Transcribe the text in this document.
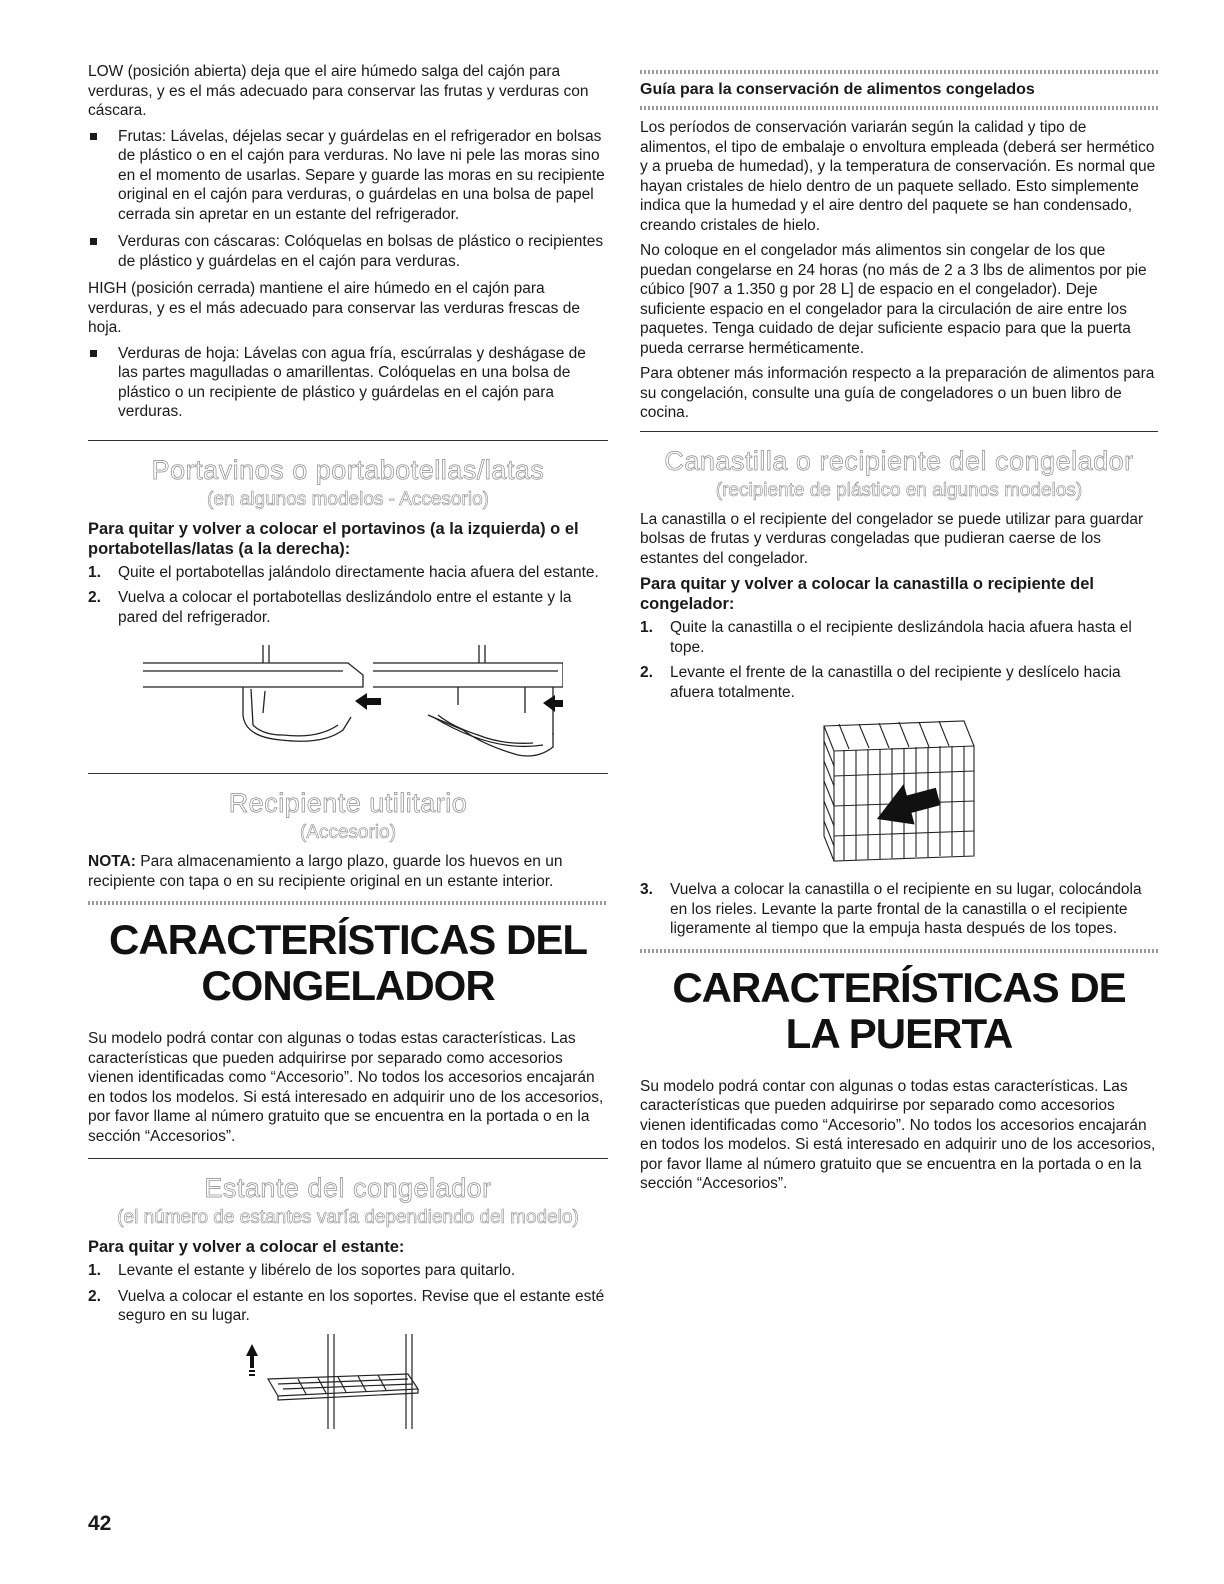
LOW (posición abierta) deja que el aire húmedo salga del cajón para verduras, y es el más adecuado para conservar las frutas y verduras con cáscara.

Frutas: Lávelas, déjelas secar y guárdelas en el refrigerador en bolsas de plástico o en el cajón para verduras. No lave ni pele las moras sino en el momento de usarlas. Separe y guarde las moras en su recipiente original en el cajón para verduras, o guárdelas en una bolsa de papel cerrada sin apretar en un estante del refrigerador.
Verduras con cáscaras: Colóquelas en bolsas de plástico o recipientes de plástico y guárdelas en el cajón para verduras.

HIGH (posición cerrada) mantiene el aire húmedo en el cajón para verduras, y es el más adecuado para conservar las verduras frescas de hoja.

Verduras de hoja: Lávelas con agua fría, escúrralas y deshágase de las partes magulladas o amarillentas. Colóquelas en una bolsa de plástico o un recipiente de plástico y guárdelas en el cajón para verduras.
Portavinos o portabotellas/latas
(en algunos modelos - Accesorio)
Para quitar y volver a colocar el portavinos (a la izquierda) o el portabotellas/latas (a la derecha):
1. Quite el portabotellas jalándolo directamente hacia afuera del estante.
2. Vuelva a colocar el portabotellas deslizándolo entre el estante y la pared del refrigerador.
Recipiente utilitario
(Accesorio)

NOTA: Para almacenamiento a largo plazo, guarde los huevos en un recipiente con tapa o en su recipiente original en un estante interior.

CARACTERÍSTICAS DEL
CONGELADOR

Su modelo podrá contar con algunas o todas estas características. Las características que pueden adquirirse por separado como accesorios vienen identificadas como “Accesorio”. No todos los accesorios encajarán en todos los modelos. Si está interesado en adquirir uno de los accesorios, por favor llame al número gratuito que se encuentra en la portada o en la sección “Accesorios”.

Estante del congelador
(el número de estantes varía dependiendo del modelo)
Para quitar y volver a colocar el estante:
1. Levante el estante y libérelo de los soportes para quitarlo.
2. Vuelva a colocar el estante en los soportes. Revise que el estante esté seguro en su lugar.
Guía para la conservación de alimentos congelados

Los períodos de conservación variarán según la calidad y tipo de alimentos, el tipo de embalaje o envoltura empleada (deberá ser hermético y a prueba de humedad), y la temperatura de conservación. Es normal que hayan cristales de hielo dentro de un paquete sellado. Esto simplemente indica que la humedad y el aire dentro del paquete se han condensado, creando cristales de hielo.

No coloque en el congelador más alimentos sin congelar de los que puedan congelarse en 24 horas (no más de 2 a 3 lbs de alimentos por pie cúbico [907 a 1.350 g por 28 L] de espacio en el congelador). Deje suficiente espacio en el congelador para la circulación de aire entre los paquetes. Tenga cuidado de dejar suficiente espacio para que la puerta pueda cerrarse herméticamente.

Para obtener más información respecto a la preparación de alimentos para su congelación, consulte una guía de congeladores o un buen libro de cocina.

Canastilla o recipiente del congelador
(recipiente de plástico en algunos modelos)

La canastilla o el recipiente del congelador se puede utilizar para guardar bolsas de frutas y verduras congeladas que pudieran caerse de los estantes del congelador.

Para quitar y volver a colocar la canastilla o recipiente del congelador:
1. Quite la canastilla o el recipiente deslizándola hacia afuera hasta el tope.
2. Levante el frente de la canastilla o del recipiente y deslícelo hacia afuera totalmente.
3. Vuelva a colocar la canastilla o el recipiente en su lugar, colocándola en los rieles. Levante la parte frontal de la canastilla o el recipiente ligeramente al tiempo que la empuja hasta después de los topes.
CARACTERÍSTICAS DE
LA PUERTA

Su modelo podrá contar con algunas o todas estas características. Las características que pueden adquirirse por separado como accesorios vienen identificadas como “Accesorio”. No todos los accesorios encajarán en todos los modelos. Si está interesado en adquirir uno de los accesorios, por favor llame al número gratuito que se encuentra en la portada o en la sección “Accesorios”.

42
